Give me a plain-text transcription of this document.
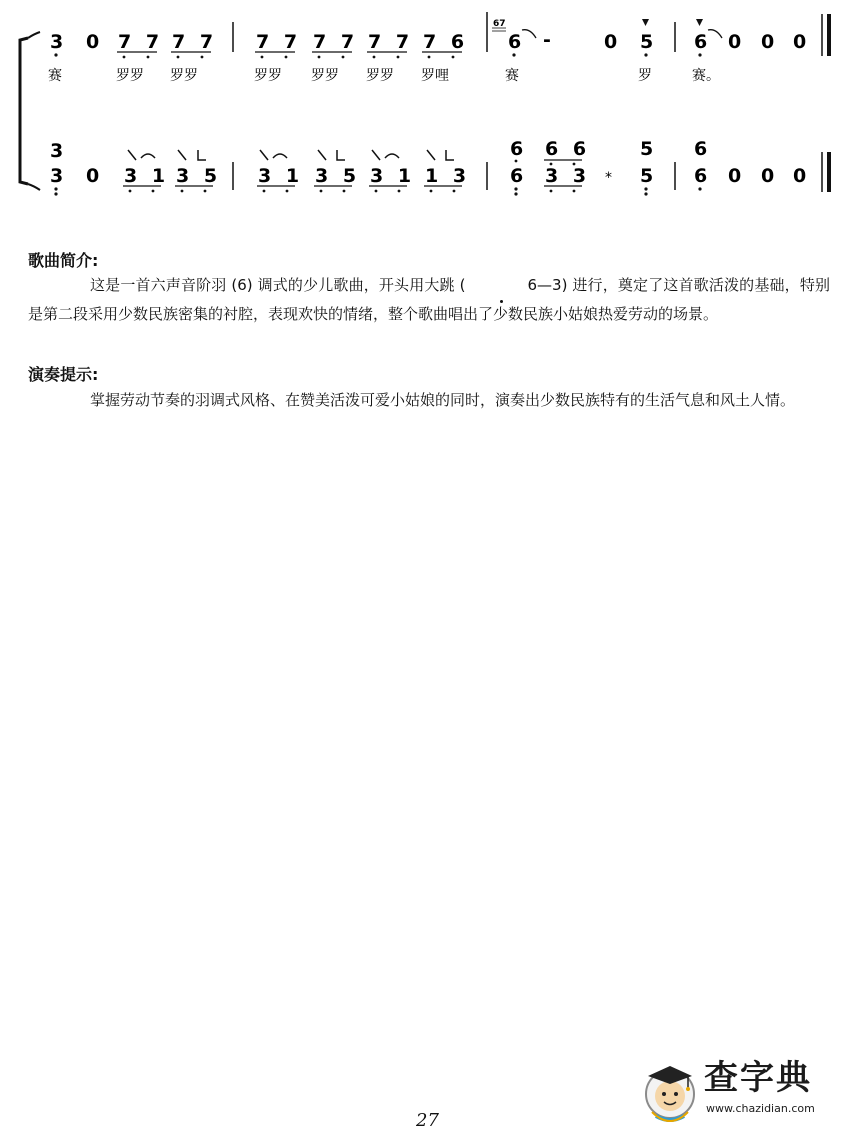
3 0 7 7 7 7 7 7 7 7 7 7 7 6
67
6 -	0 5 6 0 0 0
赛	罗罗 罗罗	罗罗 罗罗 罗罗 罗哩	赛	罗	赛。
3
3 0 3 1 3 5 3 1 3 5 3 1 1 3
6 6 6	5
6 3 3 * 5
6
6 0 0 0
歌曲简介:

这是一首六声音阶羽 (6) 调式的少儿歌曲，开头用大跳 (	6—3) 进行，奠定了这首歌活泼的基础，特别是第二段采用少数民族密集的衬腔，表现欢快的情绪，整个歌曲唱出了少数民族小姑娘热爱劳动的场景。

演奏提示:

掌握劳动节奏的羽调式风格、在赞美活泼可爱小姑娘的同时，演奏出少数民族特有的生活气息和风土人情。

27
查字典
www.chazidian.com
